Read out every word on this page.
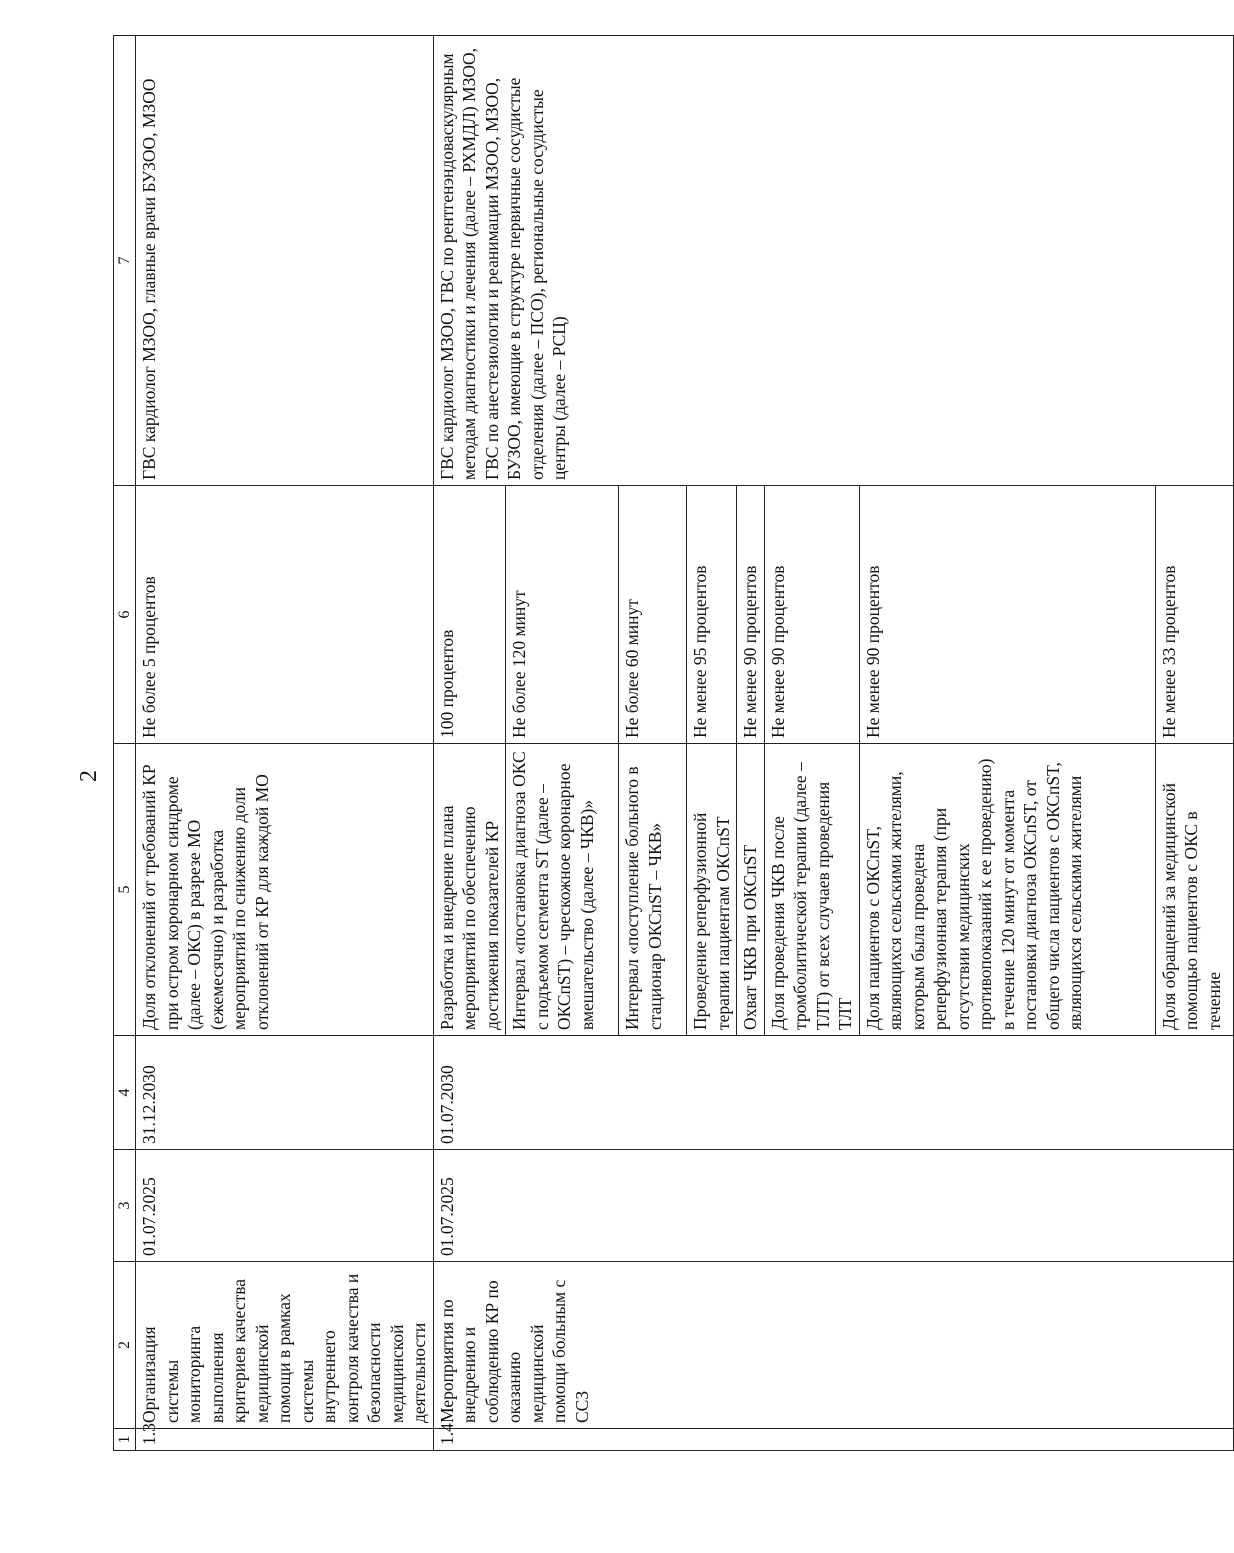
2
1	2	3	4	5	6	7
1.3	Организация системы мониторинга выполнения критериев качества медицинской помощи в рамках системы внутреннего контроля качества и безопасности медицинской деятельности	01.07.2025	31.12.2030	Доля отклонений от требований КР при остром коронарном синдроме (далее – ОКС) в разрезе МО (ежемесячно) и разработка мероприятий по снижению доли отклонений от КР для каждой МО	Не более 5 процентов	ГВС кардиолог МЗОО, главные врачи БУЗОО, МЗОО
1.4	Мероприятия по внедрению и соблюдению КР по оказанию медицинской помощи больным с ССЗ	01.07.2025	01.07.2030	Разработка и внедрение плана мероприятий по обеспечению достижения показателей КР	100 процентов	ГВС кардиолог МЗОО, ГВС по рентгенэндоваскулярным методам диагностики и лечения (далее – РХМДЛ) МЗОО, ГВС по анестезиологии и реанимации МЗОО, МЗОО, БУЗОО, имеющие в структуре первичные сосудистые отделения (далее – ПСО), региональные сосудистые центры (далее – РСЦ)
				Интервал «постановка диагноза ОКС с подъемом сегмента ST (далее – ОКСпST) – чрескожное коронарное вмешательство (далее – ЧКВ)»	Не более 120 минут	
				Интервал «поступление больного в стационар ОКСпST – ЧКВ»	Не более 60 минут	
				Проведение реперфузионной терапии пациентам ОКСпST	Не менее 95 процентов	
				Охват ЧКВ при ОКСпST	Не менее 90 процентов	
				Доля проведения ЧКВ после тромболитической терапии (далее – ТЛТ) от всех случаев проведения ТЛТ	Не менее 90 процентов	
				Доля пациентов с ОКСпST, являющихся сельскими жителями, которым была проведена реперфузионная терапия (при отсутствии медицинских противопоказаний к ее проведению) в течение 120 минут от момента постановки диагноза ОКСпST, от общего числа пациентов с ОКСпST, являющихся сельскими жителями	Не менее 90 процентов	
				Доля обращений за медицинской помощью пациентов с ОКС в течение	Не менее 33 процентов	
